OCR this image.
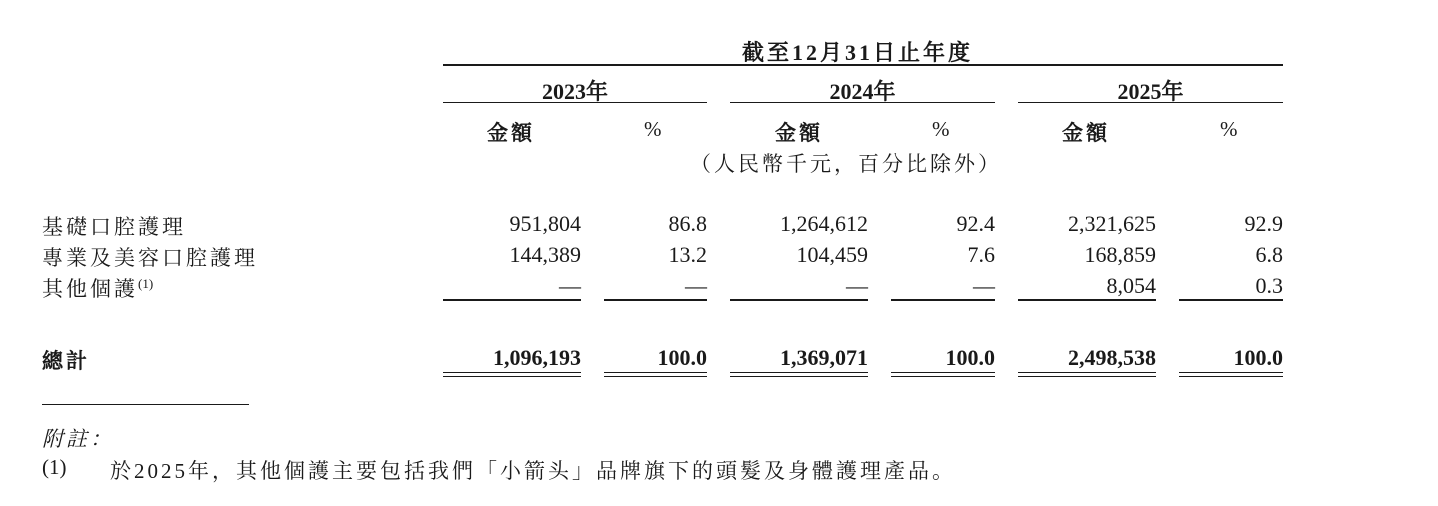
截至12月31日止年度
2023年	2024年	2025年
金額	%	金額	%	金額	%
（人民幣千元，百分比除外）
基礎口腔護理	951,804	86.8	1,264,612	92.4	2,321,625	92.9
專業及美容口腔護理	144,389	13.2	104,459	7.6	168,859	6.8
其他個護$^{(1)}$	—	—	—	—	8,054	0.3
總計	1,096,193	100.0	1,369,071	100.0	2,498,538	100.0
附註：
(1) 於2025年，其他個護主要包括我們「小箭头」品牌旗下的頭髮及身體護理產品。
